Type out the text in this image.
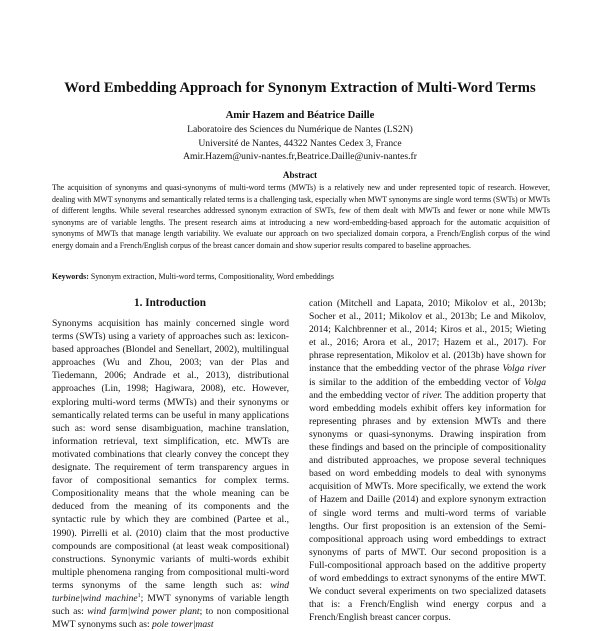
Word Embedding Approach for Synonym Extraction of Multi-Word Terms
Amir Hazem and Béatrice Daille
Laboratoire des Sciences du Numérique de Nantes (LS2N)
Université de Nantes, 44322 Nantes Cedex 3, France
Amir.Hazem@univ-nantes.fr,Beatrice.Daille@univ-nantes.fr
Abstract
The acquisition of synonyms and quasi-synonyms of multi-word terms (MWTs) is a relatively new and under represented topic of research. However, dealing with MWT synonyms and semantically related terms is a challenging task, especially when MWT synonyms are single word terms (SWTs) or MWTs of different lengths. While several researches addressed synonym extraction of SWTs, few of them dealt with MWTs and fewer or none while MWTs synonyms are of variable lengths. The present research aims at introducing a new word-embedding-based approach for the automatic acquisition of synonyms of MWTs that manage length variability. We evaluate our approach on two specialized domain corpora, a French/English corpus of the wind energy domain and a French/English corpus of the breast cancer domain and show superior results compared to baseline approaches.
Keywords: Synonym extraction, Multi-word terms, Compositionality, Word embeddings
1. Introduction
Synonyms acquisition has mainly concerned single word terms (SWTs) using a variety of approaches such as: lexicon-based approaches (Blondel and Senellart, 2002), multilingual approaches (Wu and Zhou, 2003; van der Plas and Tiedemann, 2006; Andrade et al., 2013), distributional approaches (Lin, 1998; Hagiwara, 2008), etc. However, exploring multi-word terms (MWTs) and their synonyms or semantically related terms can be useful in many applications such as: word sense disambiguation, machine translation, information retrieval, text simplification, etc. MWTs are motivated combinations that clearly convey the concept they designate. The requirement of term transparency argues in favor of compositional semantics for complex terms. Compositionality means that the whole meaning can be deduced from the meaning of its components and the syntactic rule by which they are combined (Partee et al., 1990). Pirrelli et al. (2010) claim that the most productive compounds are compositional (at least weak compositional) constructions. Synonymic variants of multi-words exhibit multiple phenomena ranging from compositional multi-word terms synonyms of the same length such as: wind turbine|wind machine$^1$; MWT synonyms of variable length such as: wind farm|wind power plant; to non compositional MWT synonyms such as: pole tower|mast
cation (Mitchell and Lapata, 2010; Mikolov et al., 2013b; Socher et al., 2011; Mikolov et al., 2013b; Le and Mikolov, 2014; Kalchbrenner et al., 2014; Kiros et al., 2015; Wieting et al., 2016; Arora et al., 2017; Hazem et al., 2017). For phrase representation, Mikolov et al. (2013b) have shown for instance that the embedding vector of the phrase Volga river is similar to the addition of the embedding vector of Volga and the embedding vector of river. The addition property that word embedding models exhibit offers key information for representing phrases and by extension MWTs and there synonyms or quasi-synonyms. Drawing inspiration from these findings and based on the principle of compositionality and distributed approaches, we propose several techniques based on word embedding models to deal with synonyms acquisition of MWTs. More specifically, we extend the work of Hazem and Daille (2014) and explore synonym extraction of single word terms and multi-word terms of variable lengths. Our first proposition is an extension of the Semi-compositional approach using word embeddings to extract synonyms of parts of MWT. Our second proposition is a Full-compositional approach based on the additive property of word embeddings to extract synonyms of the entire MWT. We conduct several experiments on two specialized datasets that is: a French/English wind energy corpus and a French/English breast cancer corpus.
